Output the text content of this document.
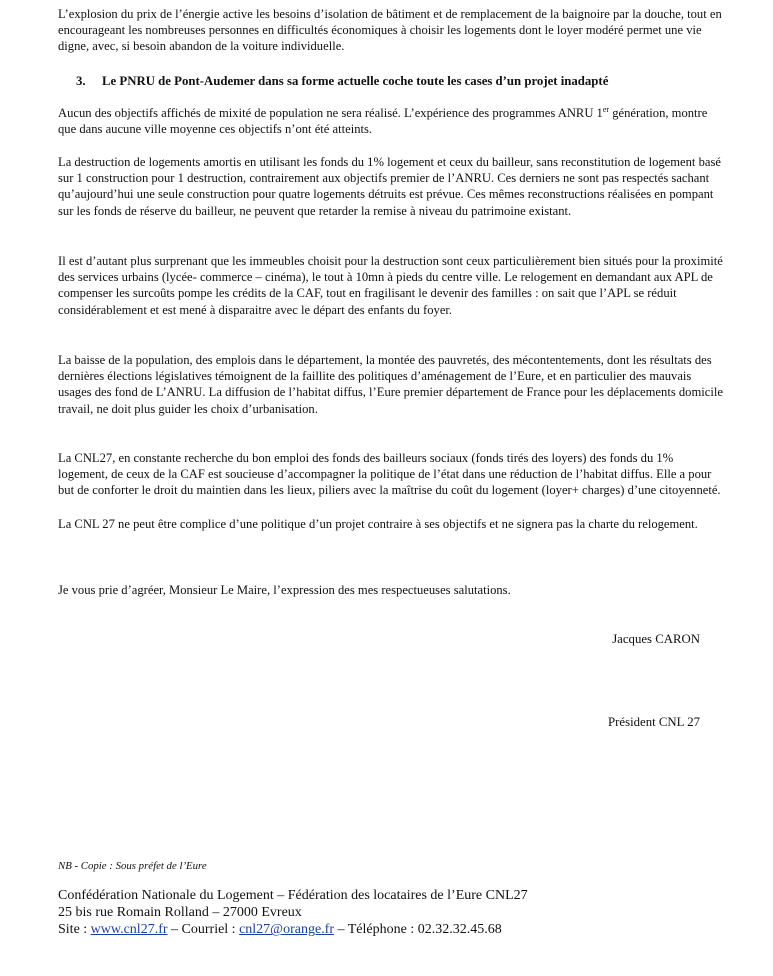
L’explosion du prix de l’énergie active les besoins d’isolation de bâtiment et de remplacement de la baignoire par la douche, tout en encourageant les nombreuses personnes en difficultés économiques à choisir les logements dont le loyer modéré permet une vie digne, avec, si besoin abandon de la voiture individuelle.

3. Le PNRU de Pont-Audemer dans sa forme actuelle coche toute les cases d’un projet inadapté

Aucun des objectifs affichés de mixité de population ne sera réalisé. L’expérience des programmes ANRU 1er génération, montre que dans aucune ville moyenne ces objectifs n’ont été atteints.

La destruction de logements amortis en utilisant les fonds du 1% logement et ceux du bailleur, sans reconstitution de logement basé sur 1 construction pour 1 destruction, contrairement aux objectifs premier de l’ANRU. Ces derniers ne sont pas respectés sachant qu’aujourd’hui une seule construction pour quatre logements détruits est prévue. Ces mêmes reconstructions réalisées en pompant sur les fonds de réserve du bailleur, ne peuvent que retarder la remise à niveau du patrimoine existant.

Il est d’autant plus surprenant que les immeubles choisit pour la destruction sont ceux particulièrement bien situés pour la proximité des services urbains (lycée- commerce – cinéma), le tout à 10mn à pieds du centre ville. Le relogement en demandant aux APL de compenser les surcoûts pompe les crédits de la CAF, tout en fragilisant le devenir des familles : on sait que l’APL se réduit considérablement et est mené à disparaitre avec le départ des enfants du foyer.

La baisse de la population, des emplois dans le département, la montée des pauvretés, des mécontentements, dont les résultats des dernières élections législatives témoignent de la faillite des politiques d’aménagement de l’Eure, et en particulier des mauvais usages des fond de L’ANRU. La diffusion de l’habitat diffus, l’Eure premier département de France pour les déplacements domicile travail, ne doit plus guider les choix d’urbanisation.

La CNL27, en constante recherche du bon emploi des fonds des bailleurs sociaux (fonds tirés des loyers) des fonds du 1% logement, de ceux de la CAF est soucieuse d’accompagner la politique de l’état dans une réduction de l’habitat diffus. Elle a pour but de conforter le droit du maintien dans les lieux, piliers avec la maîtrise du coût du logement (loyer+ charges) d’une citoyenneté.

La CNL 27 ne peut être complice d’une politique d’un projet contraire à ses objectifs et ne signera pas la charte du relogement.

Je vous prie d’agréer, Monsieur Le Maire, l’expression des mes respectueuses salutations.

Jacques CARON

Président CNL 27

NB - Copie : Sous préfet de l’Eure

Confédération Nationale du Logement – Fédération des locataires de l’Eure CNL27
25 bis rue Romain Rolland – 27000 Evreux
Site : www.cnl27.fr – Courriel : cnl27@orange.fr – Téléphone : 02.32.32.45.68
